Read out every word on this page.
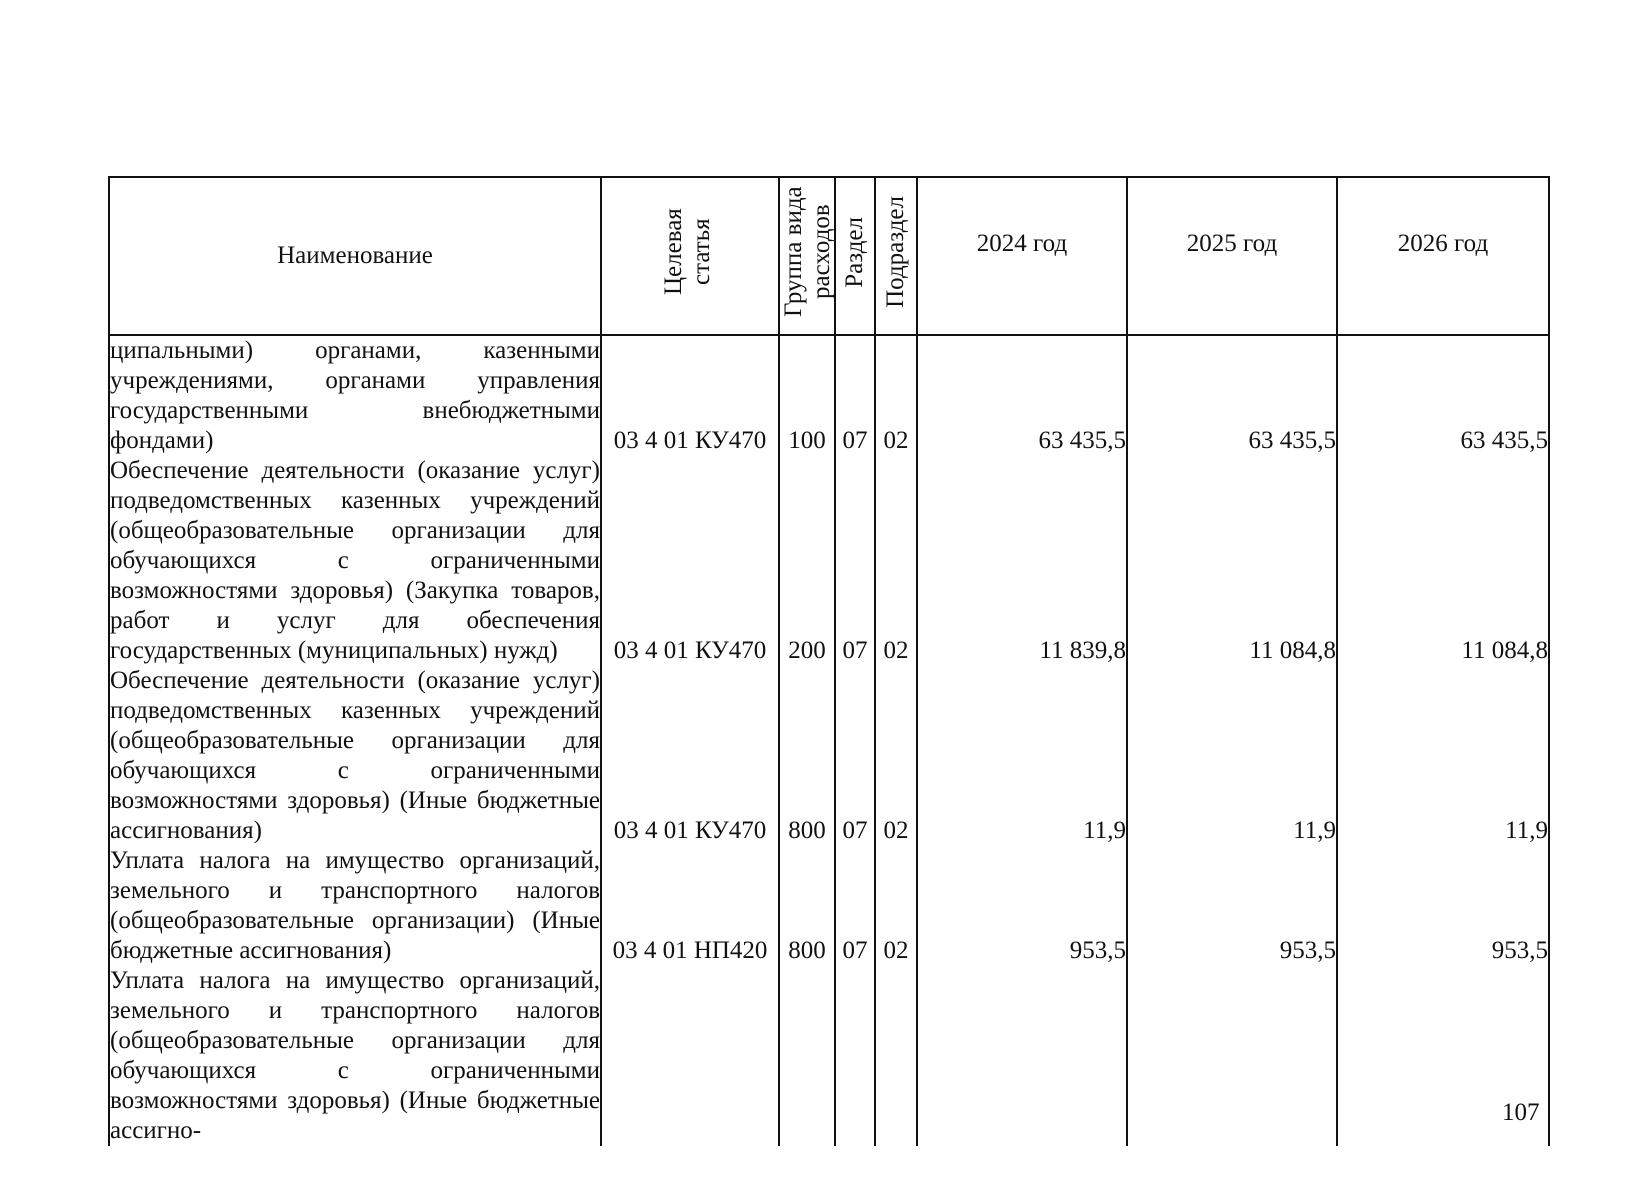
Наименование	Целевая статья	Группа вида расходов	Раздел	Подраздел	2024 год	2025 год	2026 год

ципальными) органами, казенными учреждениями, органами управления государственными внебюджетными фондами)	03 4 01 КУ470	100	07	02	63 435,5	63 435,5	63 435,5

Обеспечение деятельности (оказание услуг) подведомственных казенных учреждений (общеобразовательные организации для обучающихся с ограниченными возможностями здоровья) (Закупка товаров, работ и услуг для обеспечения государственных (муниципальных) нужд)	03 4 01 КУ470	200	07	02	11 839,8	11 084,8	11 084,8

Обеспечение деятельности (оказание услуг) подведомственных казенных учреждений (общеобразовательные организации для обучающихся с ограниченными возможностями здоровья) (Иные бюджетные ассигнования)	03 4 01 КУ470	800	07	02	11,9	11,9	11,9

Уплата налога на имущество организаций, земельного и транспортного налогов (общеобразовательные организации) (Иные бюджетные ассигнования)	03 4 01 НП420	800	07	02	953,5	953,5	953,5

Уплата налога на имущество организаций, земельного и транспортного налогов (общеобразовательные организации для обучающихся с ограниченными возможностями здоровья) (Иные бюджетные ассигно-							

107
